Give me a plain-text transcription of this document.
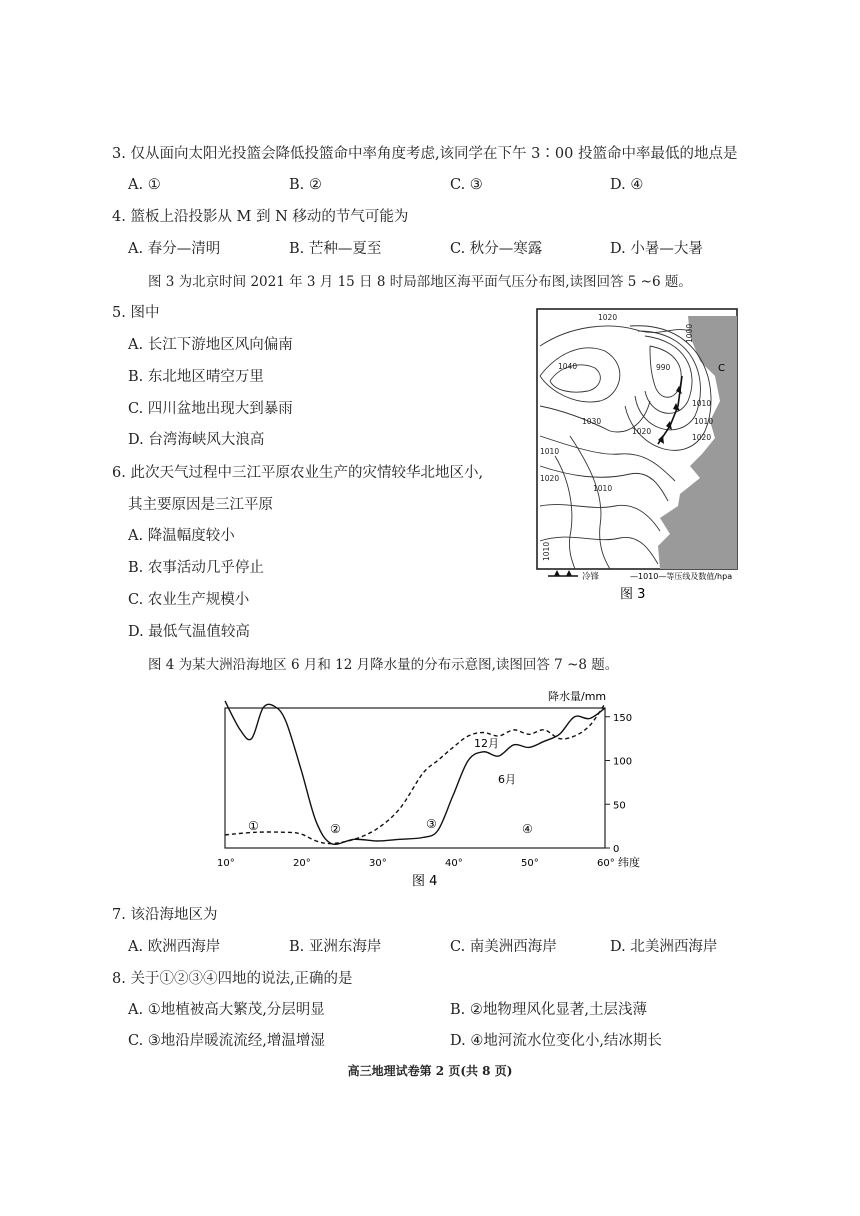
3. 仅从面向太阳光投篮会降低投篮命中率角度考虑,该同学在下午 3∶00 投篮命中率最低的地点是
A. ①	B. ②	C. ③	D. ④
4. 篮板上沿投影从 M 到 N 移动的节气可能为
A. 春分—清明	B. 芒种—夏至	C. 秋分—寒露	D. 小暑—大暑
图 3 为北京时间 2021 年 3 月 15 日 8 时局部地区海平面气压分布图,读图回答 5 ~6 题。
5. 图中
A. 长江下游地区风向偏南
B. 东北地区晴空万里
C. 四川盆地出现大到暴雨
D. 台湾海峡风大浪高
6. 此次天气过程中三江平原农业生产的灾情较华北地区小,
其主要原因是三江平原
A. 降温幅度较小
B. 农事活动几乎停止
C. 农业生产规模小
D. 最低气温值较高
1020
1040
1030
990
1000
1010
1020
1010
1010
1020
1010
1020
1010
C
冷锋	—1010—等压线及数值/hpa
图 3
图 4 为某大洲沿海地区 6 月和 12 月降水量的分布示意图,读图回答 7 ~8 题。
降水量/mm
纬度
10°	20°	30°	40°	50°	60°
0
50
100
150
6月
12月
①	②	③	④
图 4
7. 该沿海地区为
A. 欧洲西海岸	B. 亚洲东海岸	C. 南美洲西海岸	D. 北美洲西海岸
8. 关于①②③④四地的说法,正确的是
A. ①地植被高大繁茂,分层明显	B. ②地物理风化显著,土层浅薄
C. ③地沿岸暖流流经,增温增湿	D. ④地河流水位变化小,结冰期长
高三地理试卷第 2 页(共 8 页)
